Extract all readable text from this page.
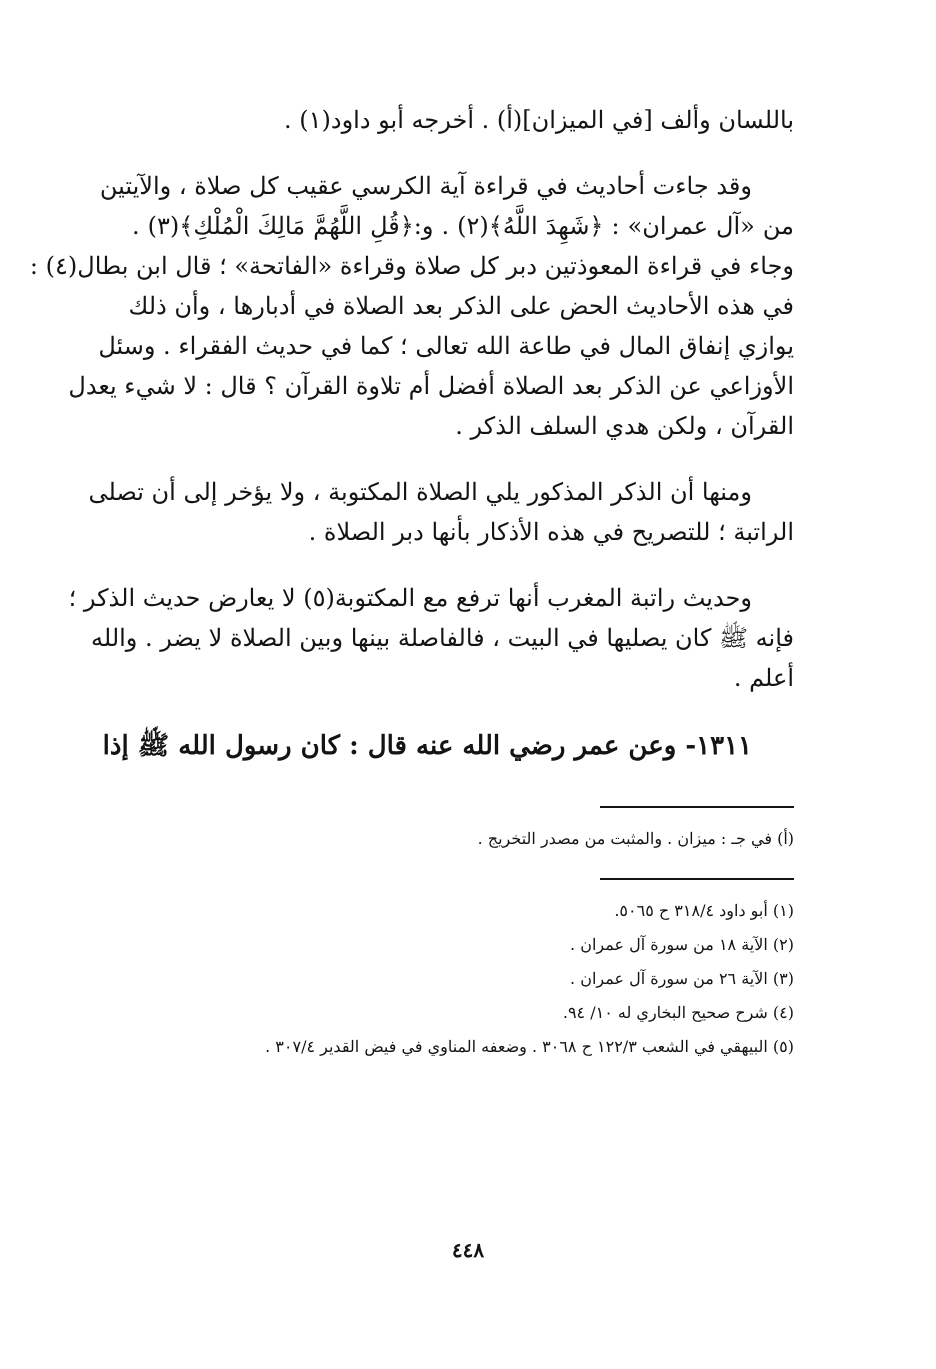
باللسان وألف [في الميزان](أ) . أخرجه أبو داود(١) .
وقد جاءت أحاديث في قراءة آية الكرسي عقيب كل صلاة ، والآيتين
من «آل عمران» : ﴿شَهِدَ اللَّهُ﴾(٢) . و:﴿قُلِ اللَّهُمَّ مَالِكَ الْمُلْكِ﴾(٣) .
وجاء في قراءة المعوذتين دبر كل صلاة وقراءة «الفاتحة» ؛ قال ابن بطال(٤) :
في هذه الأحاديث الحض على الذكر بعد الصلاة في أدبارها ، وأن ذلك
يوازي إنفاق المال في طاعة الله تعالى ؛ كما في حديث الفقراء . وسئل
الأوزاعي عن الذكر بعد الصلاة أفضل أم تلاوة القرآن ؟ قال : لا شيء يعدل
القرآن ، ولكن هدي السلف الذكر .
ومنها أن الذكر المذكور يلي الصلاة المكتوبة ، ولا يؤخر إلى أن تصلى
الراتبة ؛ للتصريح في هذه الأذكار بأنها دبر الصلاة .
وحديث راتبة المغرب أنها ترفع مع المكتوبة(٥) لا يعارض حديث الذكر ؛
فإنه ﷺ كان يصليها في البيت ، فالفاصلة بينها وبين الصلاة لا يضر . والله
أعلم .
١٣١١- وعن عمر رضي الله عنه قال : كان رسول الله ﷺ إذا
(أ) في جـ : ميزان . والمثبت من مصدر التخريج .
(١) أبو داود ٣١٨/٤ ح ٥٠٦٥.
(٢) الآية ١٨ من سورة آل عمران .
(٣) الآية ٢٦ من سورة آل عمران .
(٤) شرح صحيح البخاري له ١٠/ ٩٤.
(٥) البيهقي في الشعب ١٢٢/٣ ح ٣٠٦٨ . وضعفه المناوي في فيض القدير ٣٠٧/٤ .
٤٤٨
